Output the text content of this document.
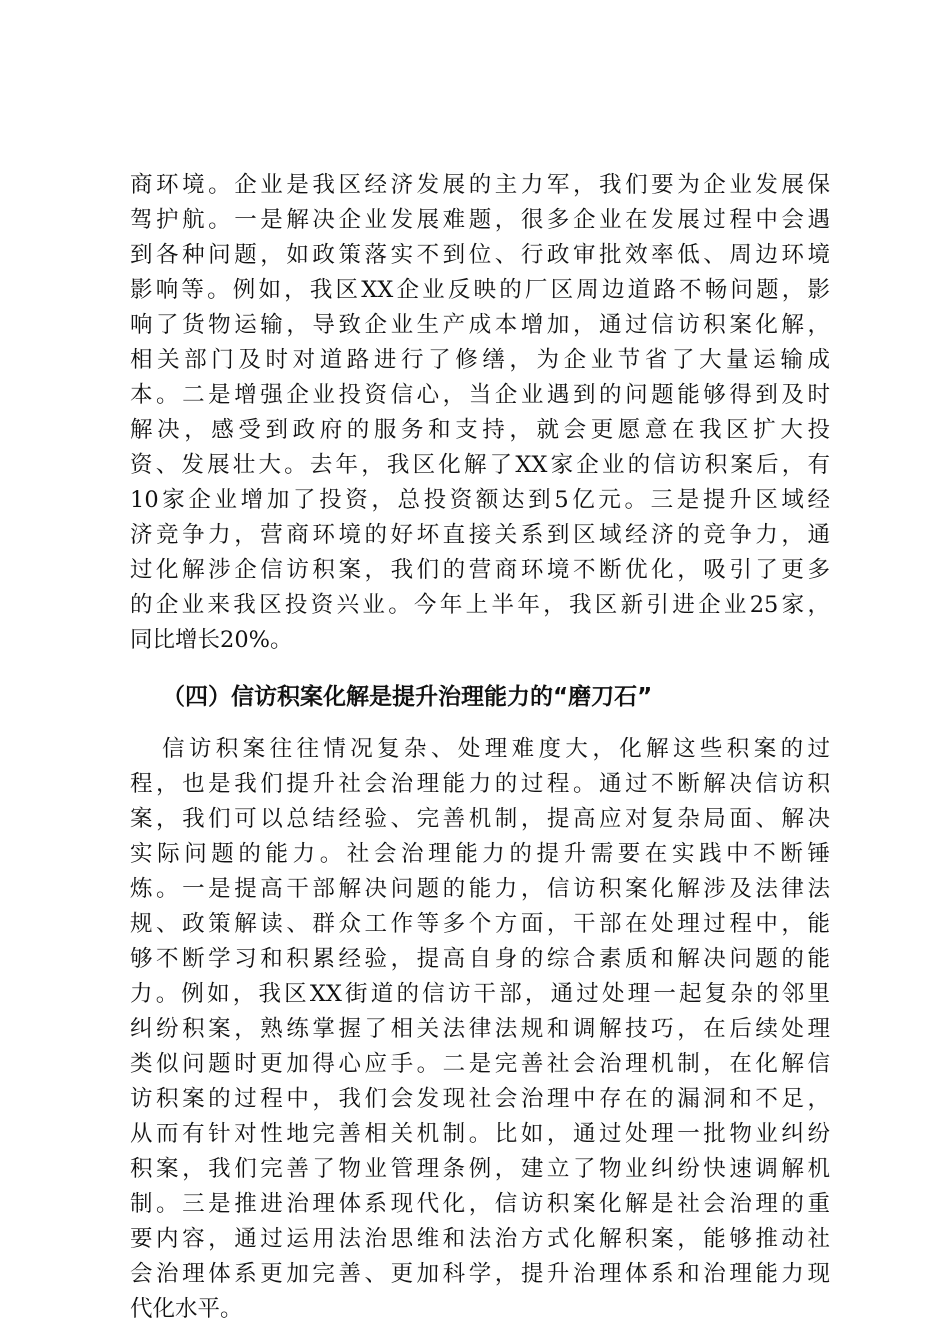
商环境。企业是我区经济发展的主力军，我们要为企业发展保

驾护航。一是解决企业发展难题，很多企业在发展过程中会遇

到各种问题，如政策落实不到位、行政审批效率低、周边环境

影响等。例如，我区XX企业反映的厂区周边道路不畅问题，影

响了货物运输，导致企业生产成本增加，通过信访积案化解，

相关部门及时对道路进行了修缮，为企业节省了大量运输成

本。二是增强企业投资信心，当企业遇到的问题能够得到及时

解决，感受到政府的服务和支持，就会更愿意在我区扩大投

资、发展壮大。去年，我区化解了XX家企业的信访积案后，有

10家企业增加了投资，总投资额达到5亿元。三是提升区域经

济竞争力，营商环境的好坏直接关系到区域经济的竞争力，通

过化解涉企信访积案，我们的营商环境不断优化，吸引了更多

的企业来我区投资兴业。今年上半年，我区新引进企业25家，

同比增长20%。

（四）信访积案化解是提升治理能力的“磨刀石”

信访积案往往情况复杂、处理难度大，化解这些积案的过

程，也是我们提升社会治理能力的过程。通过不断解决信访积

案，我们可以总结经验、完善机制，提高应对复杂局面、解决

实际问题的能力。社会治理能力的提升需要在实践中不断锤

炼。一是提高干部解决问题的能力，信访积案化解涉及法律法

规、政策解读、群众工作等多个方面，干部在处理过程中，能

够不断学习和积累经验，提高自身的综合素质和解决问题的能

力。例如，我区XX街道的信访干部，通过处理一起复杂的邻里

纠纷积案，熟练掌握了相关法律法规和调解技巧，在后续处理

类似问题时更加得心应手。二是完善社会治理机制，在化解信

访积案的过程中，我们会发现社会治理中存在的漏洞和不足，

从而有针对性地完善相关机制。比如，通过处理一批物业纠纷

积案，我们完善了物业管理条例，建立了物业纠纷快速调解机

制。三是推进治理体系现代化，信访积案化解是社会治理的重

要内容，通过运用法治思维和法治方式化解积案，能够推动社

会治理体系更加完善、更加科学，提升治理体系和治理能力现

代化水平。
